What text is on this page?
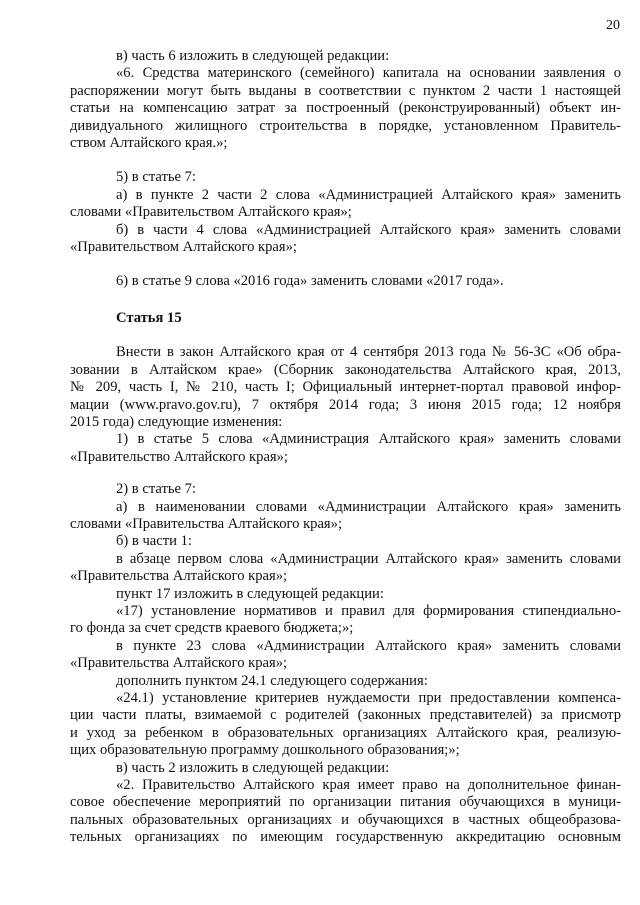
20

в) часть 6 изложить в следующей редакции:

«6. Средства материнского (семейного) капитала на основании заявления о

распоряжении могут быть выданы в соответствии с пунктом 2 части 1 настоящей

статьи на компенсацию затрат за построенный (реконструированный) объект ин-

дивидуального жилищного строительства в порядке, установленном Правитель-

ством Алтайского края.»;

5) в статье 7:

а) в пункте 2 части 2 слова «Администрацией Алтайского края» заменить

словами «Правительством Алтайского края»;

б) в части 4 слова «Администрацией Алтайского края» заменить словами

«Правительством Алтайского края»;

6) в статье 9 слова «2016 года» заменить словами «2017 года».

Статья 15

Внести в закон Алтайского края от 4 сентября 2013 года № 56-ЗС «Об обра-

зовании в Алтайском крае» (Сборник законодательства Алтайского края, 2013,

№ 209, часть I, № 210, часть I; Официальный интернет-портал правовой инфор-

мации (www.pravo.gov.ru), 7 октября 2014 года; 3 июня 2015 года; 12 ноября

2015 года) следующие изменения:

1) в статье 5 слова «Администрация Алтайского края» заменить словами

«Правительство Алтайского края»;

2) в статье 7:

а) в наименовании словами «Администрации Алтайского края» заменить

словами «Правительства Алтайского края»;

б) в части 1:

в абзаце первом слова «Администрации Алтайского края» заменить словами

«Правительства Алтайского края»;

пункт 17 изложить в следующей редакции:

«17) установление нормативов и правил для формирования стипендиально-

го фонда за счет средств краевого бюджета;»;

в пункте 23 слова «Администрации Алтайского края» заменить словами

«Правительства Алтайского края»;

дополнить пунктом 24.1 следующего содержания:

«24.1) установление критериев нуждаемости при предоставлении компенса-

ции части платы, взимаемой с родителей (законных представителей) за присмотр

и уход за ребенком в образовательных организациях Алтайского края, реализую-

щих образовательную программу дошкольного образования;»;

в) часть 2 изложить в следующей редакции:

«2. Правительство Алтайского края имеет право на дополнительное финан-

совое обеспечение мероприятий по организации питания обучающихся в муници-

пальных образовательных организациях и обучающихся в частных общеобразова-

тельных организациях по имеющим государственную аккредитацию основным
